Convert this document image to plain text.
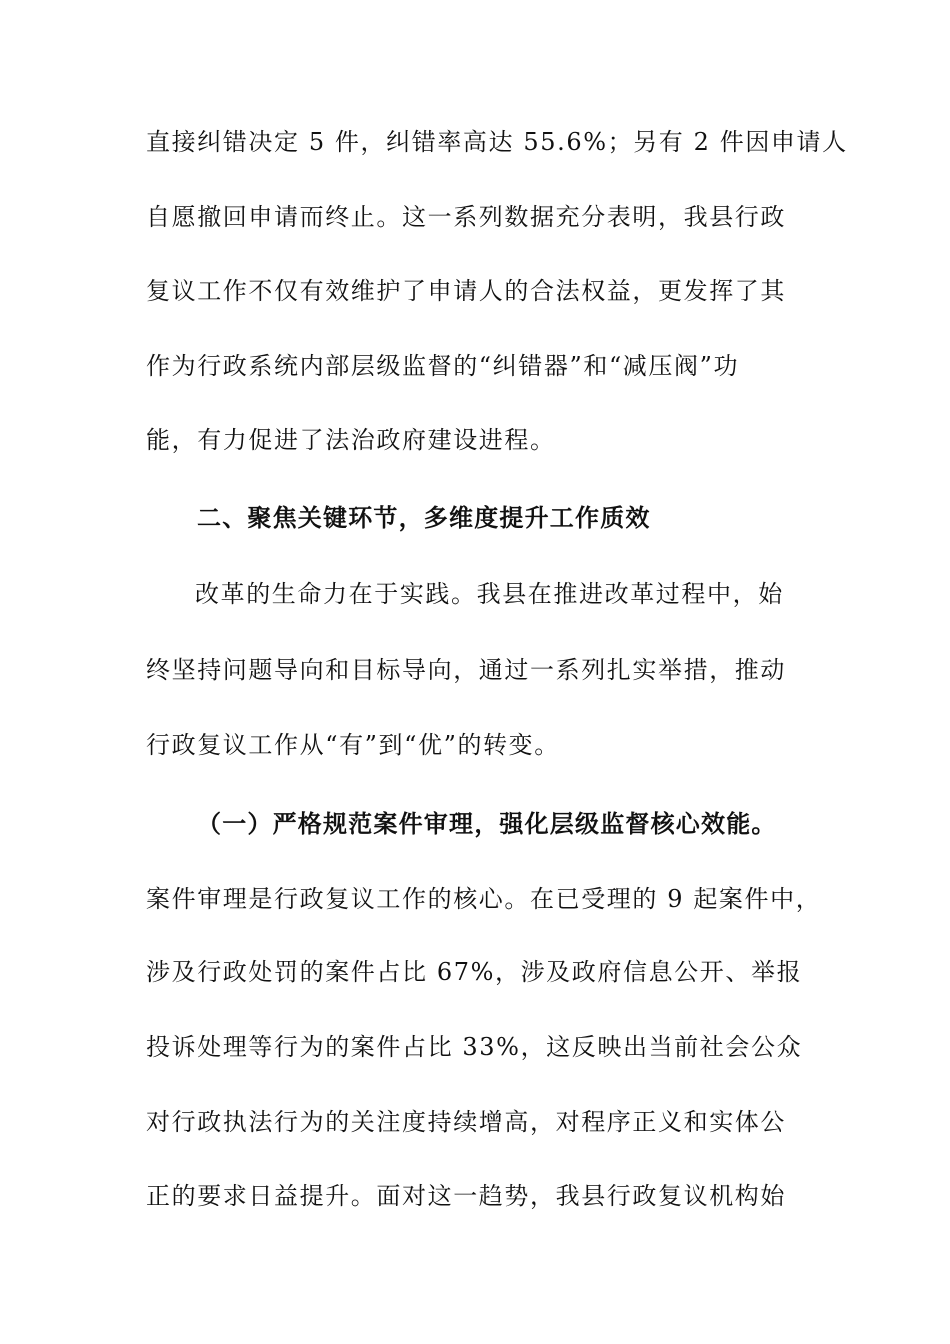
直接纠错决定 5 件，纠错率高达 55.6%；另有 2 件因申请人
自愿撤回申请而终止。这一系列数据充分表明，我县行政
复议工作不仅有效维护了申请人的合法权益，更发挥了其
作为行政系统内部层级监督的“纠错器”和“减压阀”功
能，有力促进了法治政府建设进程。
二、聚焦关键环节，多维度提升工作质效
改革的生命力在于实践。我县在推进改革过程中，始
终坚持问题导向和目标导向，通过一系列扎实举措，推动
行政复议工作从“有”到“优”的转变。
（一）严格规范案件审理，强化层级监督核心效能。
案件审理是行政复议工作的核心。在已受理的 9 起案件中，
涉及行政处罚的案件占比 67%，涉及政府信息公开、举报
投诉处理等行为的案件占比 33%，这反映出当前社会公众
对行政执法行为的关注度持续增高，对程序正义和实体公
正的要求日益提升。面对这一趋势，我县行政复议机构始
